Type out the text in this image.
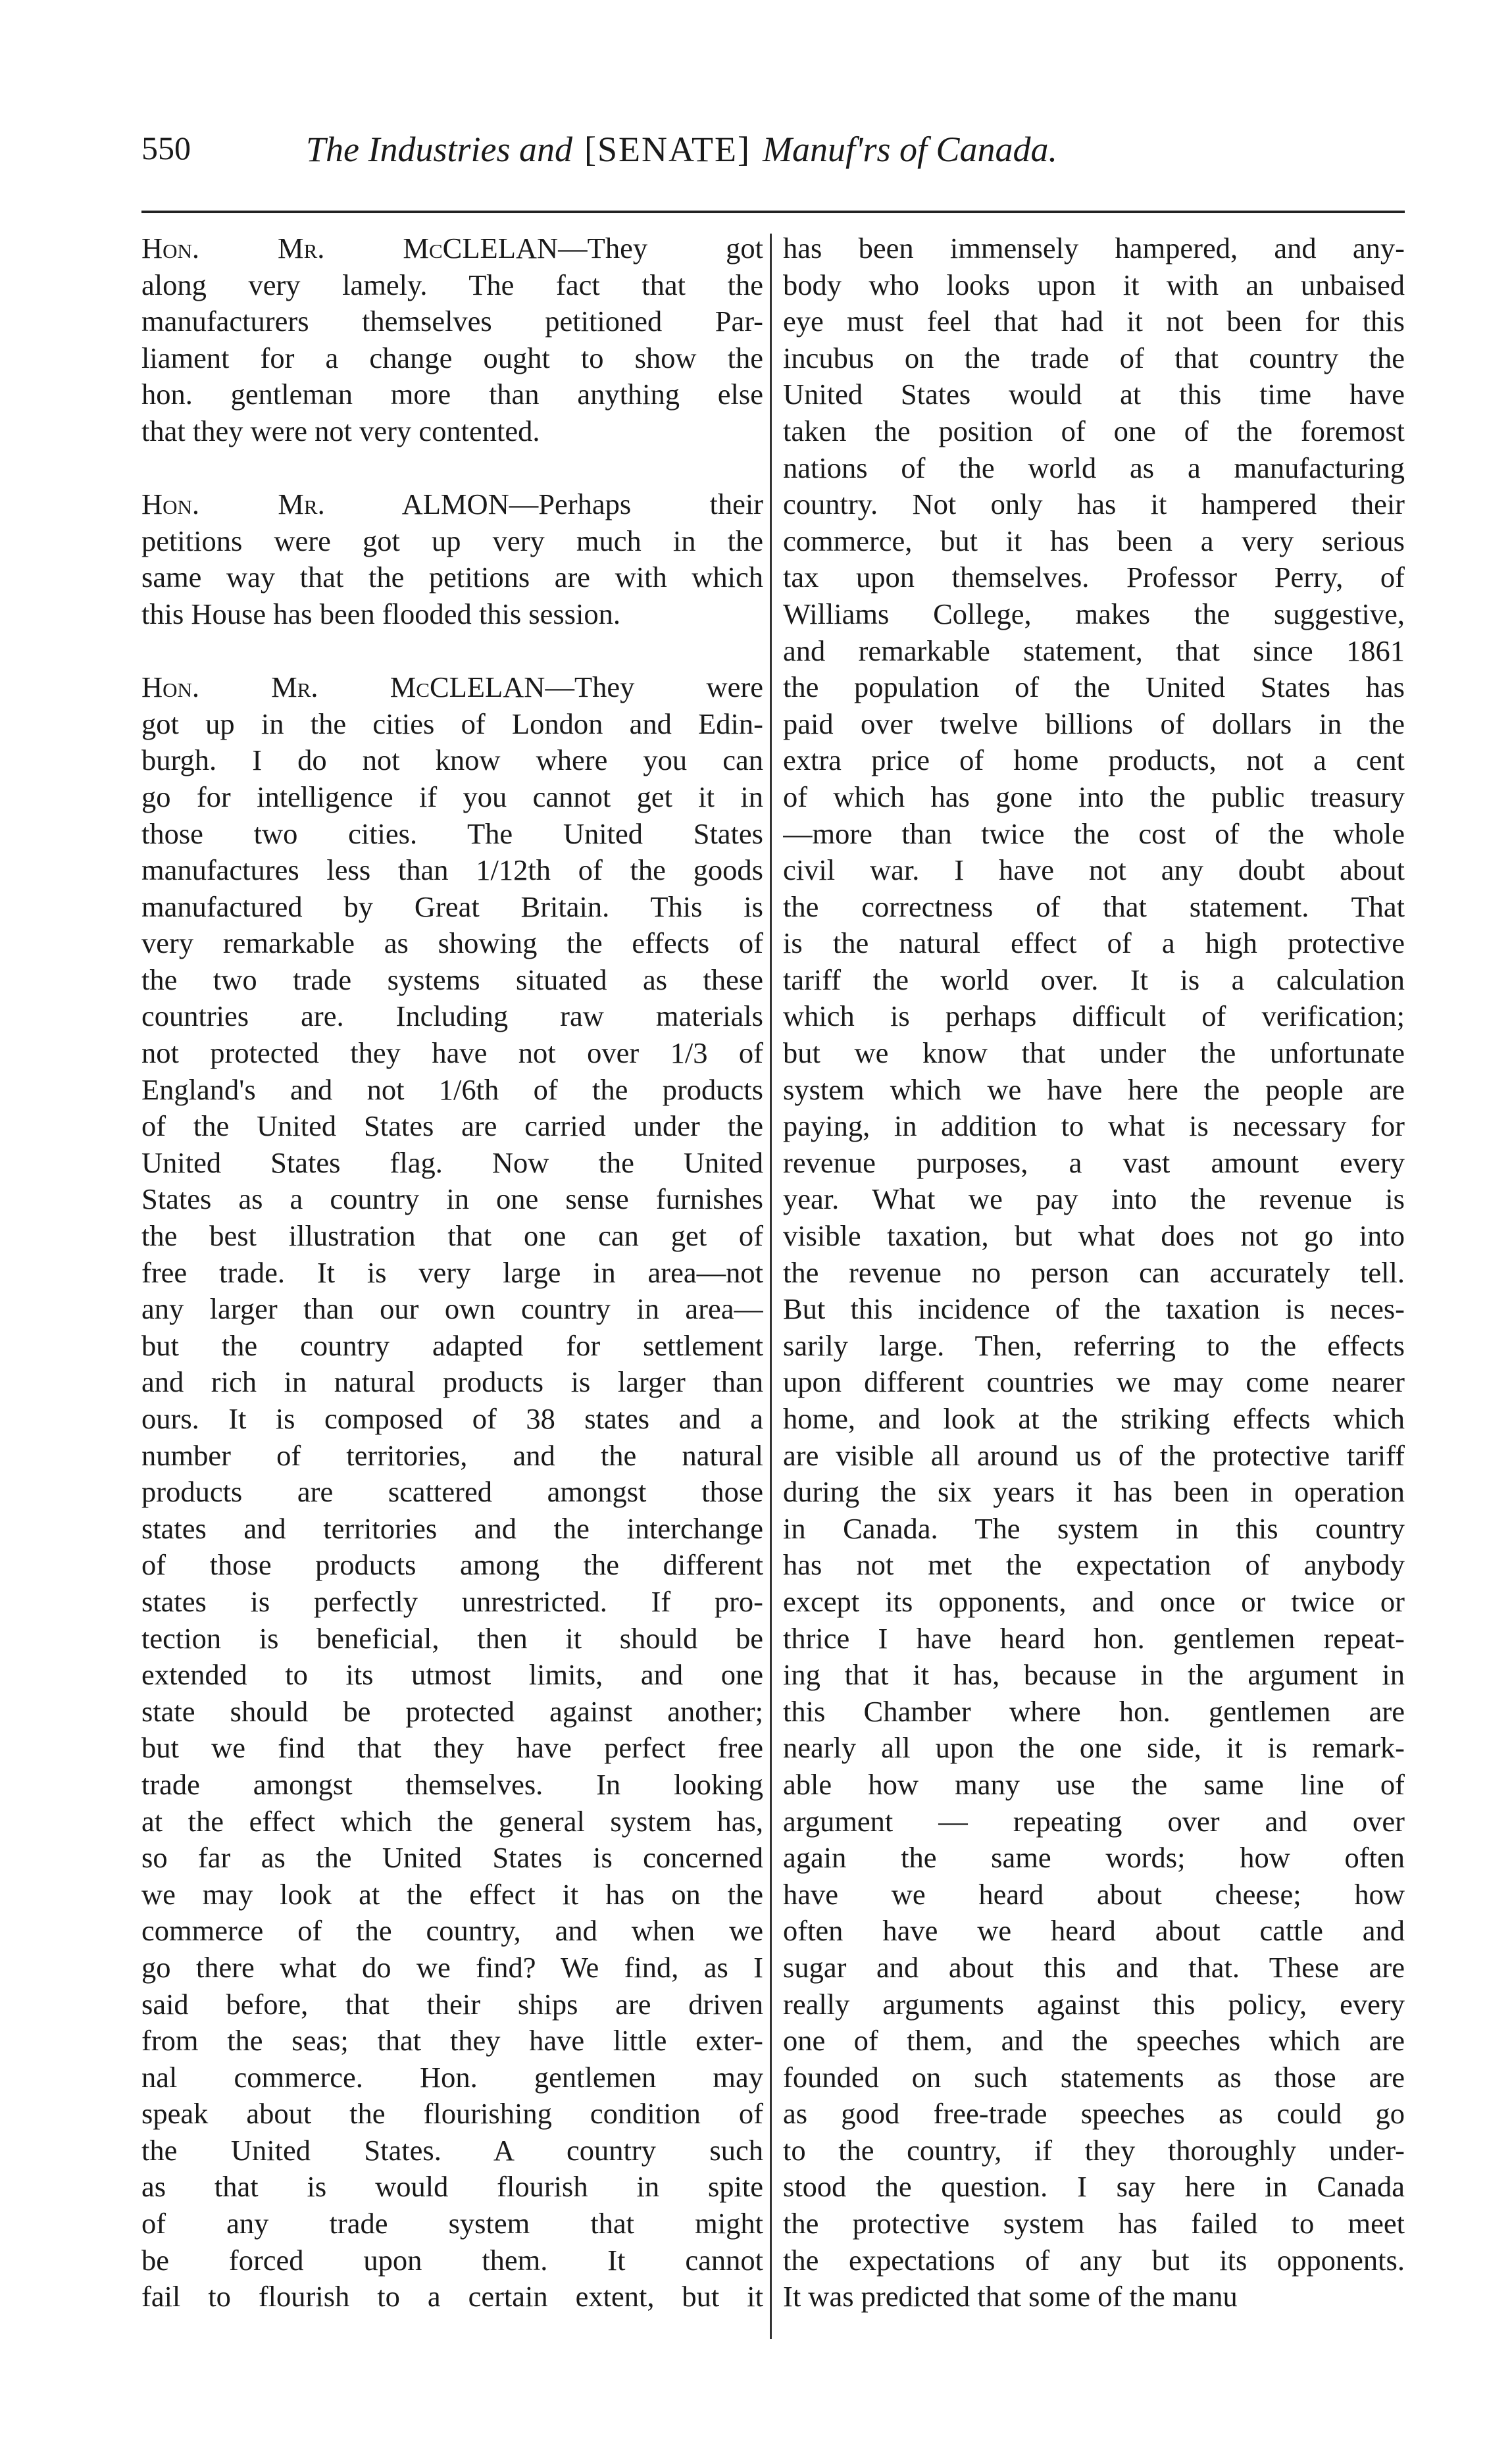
550	The Industries and [SENATE] Manuf'rs of Canada.
Hon. Mr. McCLELAN—They got
along very lamely. The fact that the
manufacturers themselves petitioned Par-
liament for a change ought to show the
hon. gentleman more than anything else
that they were not very contented.
Hon. Mr. ALMON—Perhaps their
petitions were got up very much in the
same way that the petitions are with which
this House has been flooded this session.
Hon. Mr. McCLELAN—They were
got up in the cities of London and Edin-
burgh. I do not know where you can
go for intelligence if you cannot get it in
those two cities. The United States
manufactures less than 1/12th of the goods
manufactured by Great Britain. This is
very remarkable as showing the effects of
the two trade systems situated as these
countries are. Including raw materials
not protected they have not over 1/3 of
England's and not 1/6th of the products
of the United States are carried under the
United States flag. Now the United
States as a country in one sense furnishes
the best illustration that one can get of
free trade. It is very large in area—not
any larger than our own country in area—
but the country adapted for settlement
and rich in natural products is larger than
ours. It is composed of 38 states and a
number of territories, and the natural
products are scattered amongst those
states and territories and the interchange
of those products among the different
states is perfectly unrestricted. If pro-
tection is beneficial, then it should be
extended to its utmost limits, and one
state should be protected against another;
but we find that they have perfect free
trade amongst themselves. In looking
at the effect which the general system has,
so far as the United States is concerned
we may look at the effect it has on the
commerce of the country, and when we
go there what do we find? We find, as I
said before, that their ships are driven
from the seas; that they have little exter-
nal commerce. Hon. gentlemen may
speak about the flourishing condition of
the United States. A country such
as that is would flourish in spite
of any trade system that might
be forced upon them. It cannot
fail to flourish to a certain extent, but it
has been immensely hampered, and any-
body who looks upon it with an unbaised
eye must feel that had it not been for this
incubus on the trade of that country the
United States would at this time have
taken the position of one of the foremost
nations of the world as a manufacturing
country. Not only has it hampered their
commerce, but it has been a very serious
tax upon themselves. Professor Perry, of
Williams College, makes the suggestive,
and remarkable statement, that since 1861
the population of the United States has
paid over twelve billions of dollars in the
extra price of home products, not a cent
of which has gone into the public treasury
—more than twice the cost of the whole
civil war. I have not any doubt about
the correctness of that statement. That
is the natural effect of a high protective
tariff the world over. It is a calculation
which is perhaps difficult of verification;
but we know that under the unfortunate
system which we have here the people are
paying, in addition to what is necessary for
revenue purposes, a vast amount every
year. What we pay into the revenue is
visible taxation, but what does not go into
the revenue no person can accurately tell.
But this incidence of the taxation is neces-
sarily large. Then, referring to the effects
upon different countries we may come nearer
home, and look at the striking effects which
are visible all around us of the protective tariff
during the six years it has been in operation
in Canada. The system in this country
has not met the expectation of anybody
except its opponents, and once or twice or
thrice I have heard hon. gentlemen repeat-
ing that it has, because in the argument in
this Chamber where hon. gentlemen are
nearly all upon the one side, it is remark-
able how many use the same line of
argument — repeating over and over
again the same words; how often
have we heard about cheese; how
often have we heard about cattle and
sugar and about this and that. These are
really arguments against this policy, every
one of them, and the speeches which are
founded on such statements as those are
as good free-trade speeches as could go
to the country, if they thoroughly under-
stood the question. I say here in Canada
the protective system has failed to meet
the expectations of any but its opponents.
It was predicted that some of the manu
